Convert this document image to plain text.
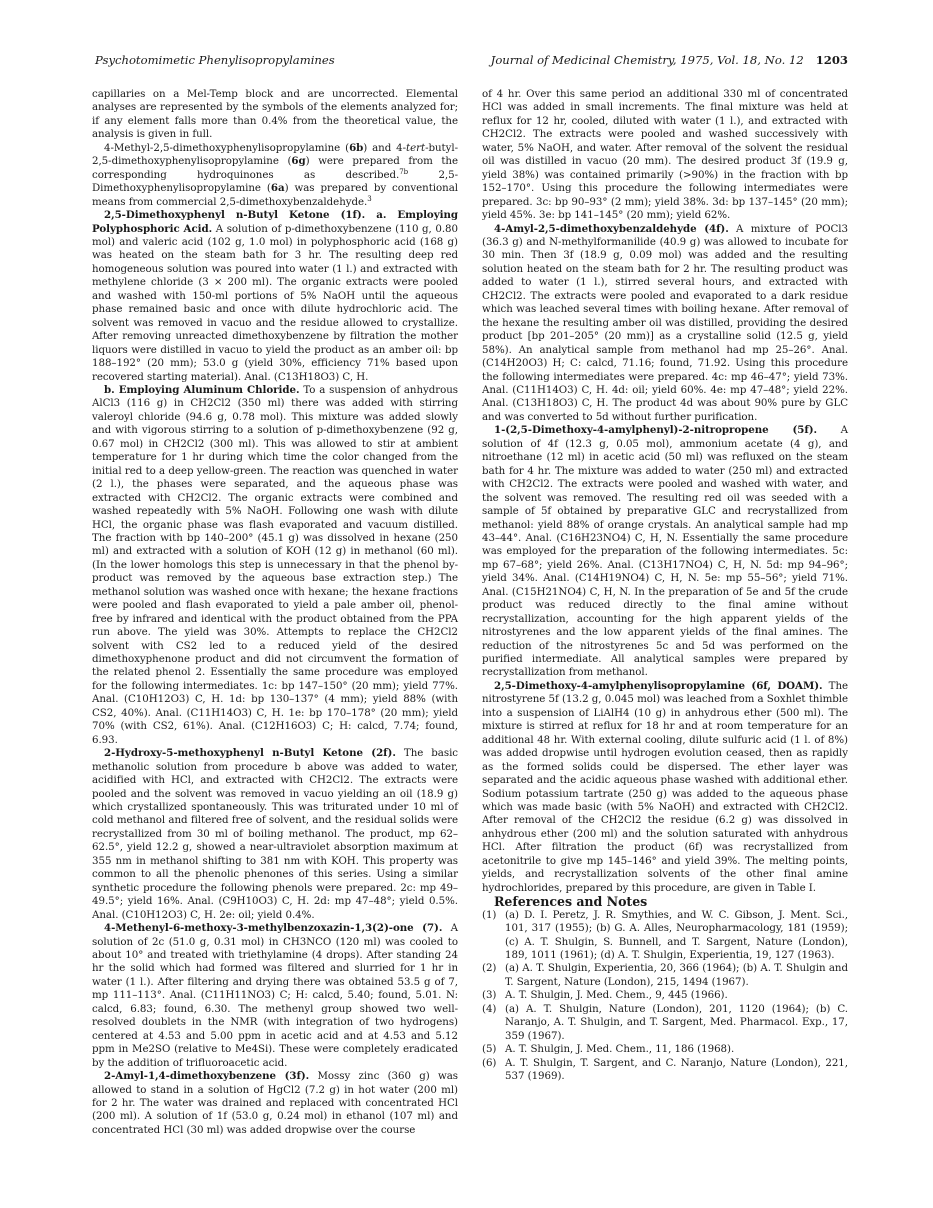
Psychotomimetic Phenylisopropylamines	Journal of Medicinal Chemistry, 1975, Vol. 18, No. 12 1203

capillaries on a Mel-Temp block and are uncorrected. Elemental analyses are represented by the symbols of the elements analyzed for; if any element falls more than 0.4% from the theoretical value, the analysis is given in full.

4-Methyl-2,5-dimethoxyphenylisopropylamine (6b) and 4-tert-butyl-2,5-dimethoxyphenylisopropylamine (6g) were prepared from the corresponding hydroquinones as described.$^{7b}$ 2,5-Dimethoxyphenylisopropylamine (6a) was prepared by conventional means from commercial 2,5-dimethoxybenzaldehyde.$^3$

2,5-Dimethoxyphenyl n-Butyl Ketone (1f). a. Employing Polyphosphoric Acid. A solution of p-dimethoxybenzene (110 g, 0.80 mol) and valeric acid (102 g, 1.0 mol) in polyphosphoric acid (168 g) was heated on the steam bath for 3 hr. The resulting deep red homogeneous solution was poured into water (1 l.) and extracted with methylene chloride (3 × 200 ml). The organic extracts were pooled and washed with 150-ml portions of 5% NaOH until the aqueous phase remained basic and once with dilute hydrochloric acid. The solvent was removed in vacuo and the residue allowed to crystallize. After removing unreacted dimethoxybenzene by filtration the mother liquors were distilled in vacuo to yield the product as an amber oil: bp 188–192° (20 mm); 53.0 g (yield 30%, efficiency 71% based upon recovered starting material). Anal. (C13H18O3) C, H.

b. Employing Aluminum Chloride. To a suspension of anhydrous AlCl3 (116 g) in CH2Cl2 (350 ml) there was added with stirring valeroyl chloride (94.6 g, 0.78 mol). This mixture was added slowly and with vigorous stirring to a solution of p-dimethoxybenzene (92 g, 0.67 mol) in CH2Cl2 (300 ml). This was allowed to stir at ambient temperature for 1 hr during which time the color changed from the initial red to a deep yellow-green. The reaction was quenched in water (2 l.), the phases were separated, and the aqueous phase was extracted with CH2Cl2. The organic extracts were combined and washed repeatedly with 5% NaOH. Following one wash with dilute HCl, the organic phase was flash evaporated and vacuum distilled. The fraction with bp 140–200° (45.1 g) was dissolved in hexane (250 ml) and extracted with a solution of KOH (12 g) in methanol (60 ml). (In the lower homologs this step is unnecessary in that the phenol by-product was removed by the aqueous base extraction step.) The methanol solution was washed once with hexane; the hexane fractions were pooled and flash evaporated to yield a pale amber oil, phenol-free by infrared and identical with the product obtained from the PPA run above. The yield was 30%. Attempts to replace the CH2Cl2 solvent with CS2 led to a reduced yield of the desired dimethoxyphenone product and did not circumvent the formation of the related phenol 2. Essentially the same procedure was employed for the following intermediates. 1c: bp 147–150° (20 mm); yield 77%. Anal. (C10H12O3) C, H. 1d: bp 130–137° (4 mm); yield 88% (with CS2, 40%). Anal. (C11H14O3) C, H. 1e: bp 170–178° (20 mm); yield 70% (with CS2, 61%). Anal. (C12H16O3) C; H: calcd, 7.74; found, 6.93.

2-Hydroxy-5-methoxyphenyl n-Butyl Ketone (2f). The basic methanolic solution from procedure b above was added to water, acidified with HCl, and extracted with CH2Cl2. The extracts were pooled and the solvent was removed in vacuo yielding an oil (18.9 g) which crystallized spontaneously. This was triturated under 10 ml of cold methanol and filtered free of solvent, and the residual solids were recrystallized from 30 ml of boiling methanol. The product, mp 62–62.5°, yield 12.2 g, showed a near-ultraviolet absorption maximum at 355 nm in methanol shifting to 381 nm with KOH. This property was common to all the phenolic phenones of this series. Using a similar synthetic procedure the following phenols were prepared. 2c: mp 49–49.5°; yield 16%. Anal. (C9H10O3) C, H. 2d: mp 47–48°; yield 0.5%. Anal. (C10H12O3) C, H. 2e: oil; yield 0.4%.

4-Methenyl-6-methoxy-3-methylbenzoxazin-1,3(2)-one (7). A solution of 2c (51.0 g, 0.31 mol) in CH3NCO (120 ml) was cooled to about 10° and treated with triethylamine (4 drops). After standing 24 hr the solid which had formed was filtered and slurried for 1 hr in water (1 l.). After filtering and drying there was obtained 53.5 g of 7, mp 111–113°. Anal. (C11H11NO3) C; H: calcd, 5.40; found, 5.01. N: calcd, 6.83; found, 6.30. The methenyl group showed two well-resolved doublets in the NMR (with integration of two hydrogens) centered at 4.53 and 5.00 ppm in acetic acid and at 4.53 and 5.12 ppm in Me2SO (relative to Me4Si). These were completely eradicated by the addition of trifluoroacetic acid.

2-Amyl-1,4-dimethoxybenzene (3f). Mossy zinc (360 g) was allowed to stand in a solution of HgCl2 (7.2 g) in hot water (200 ml) for 2 hr. The water was drained and replaced with concentrated HCl (200 ml). A solution of 1f (53.0 g, 0.24 mol) in ethanol (107 ml) and concentrated HCl (30 ml) was added dropwise over the course

of 4 hr. Over this same period an additional 330 ml of concentrated HCl was added in small increments. The final mixture was held at reflux for 12 hr, cooled, diluted with water (1 l.), and extracted with CH2Cl2. The extracts were pooled and washed successively with water, 5% NaOH, and water. After removal of the solvent the residual oil was distilled in vacuo (20 mm). The desired product 3f (19.9 g, yield 38%) was contained primarily (>90%) in the fraction with bp 152–170°. Using this procedure the following intermediates were prepared. 3c: bp 90–93° (2 mm); yield 38%. 3d: bp 137–145° (20 mm); yield 45%. 3e: bp 141–145° (20 mm); yield 62%.

4-Amyl-2,5-dimethoxybenzaldehyde (4f). A mixture of POCl3 (36.3 g) and N-methylformanilide (40.9 g) was allowed to incubate for 30 min. Then 3f (18.9 g, 0.09 mol) was added and the resulting solution heated on the steam bath for 2 hr. The resulting product was added to water (1 l.), stirred several hours, and extracted with CH2Cl2. The extracts were pooled and evaporated to a dark residue which was leached several times with boiling hexane. After removal of the hexane the resulting amber oil was distilled, providing the desired product [bp 201–205° (20 mm)] as a crystalline solid (12.5 g, yield 58%). An analytical sample from methanol had mp 25–26°. Anal. (C14H20O3) H; C: calcd, 71.16; found, 71.92. Using this procedure the following intermediates were prepared. 4c: mp 46–47°; yield 73%. Anal. (C11H14O3) C, H. 4d: oil; yield 60%. 4e: mp 47–48°; yield 22%. Anal. (C13H18O3) C, H. The product 4d was about 90% pure by GLC and was converted to 5d without further purification.

1-(2,5-Dimethoxy-4-amylphenyl)-2-nitropropene (5f). A solution of 4f (12.3 g, 0.05 mol), ammonium acetate (4 g), and nitroethane (12 ml) in acetic acid (50 ml) was refluxed on the steam bath for 4 hr. The mixture was added to water (250 ml) and extracted with CH2Cl2. The extracts were pooled and washed with water, and the solvent was removed. The resulting red oil was seeded with a sample of 5f obtained by preparative GLC and recrystallized from methanol: yield 88% of orange crystals. An analytical sample had mp 43–44°. Anal. (C16H23NO4) C, H, N. Essentially the same procedure was employed for the preparation of the following intermediates. 5c: mp 67–68°; yield 26%. Anal. (C13H17NO4) C, H, N. 5d: mp 94–96°; yield 34%. Anal. (C14H19NO4) C, H, N. 5e: mp 55–56°; yield 71%. Anal. (C15H21NO4) C, H, N. In the preparation of 5e and 5f the crude product was reduced directly to the final amine without recrystallization, accounting for the high apparent yields of the nitrostyrenes and the low apparent yields of the final amines. The reduction of the nitrostyrenes 5c and 5d was performed on the purified intermediate. All analytical samples were prepared by recrystallization from methanol.

2,5-Dimethoxy-4-amylphenylisopropylamine (6f, DOAM). The nitrostyrene 5f (13.2 g, 0.045 mol) was leached from a Soxhlet thimble into a suspension of LiAlH4 (10 g) in anhydrous ether (500 ml). The mixture is stirred at reflux for 18 hr and at room temperature for an additional 48 hr. With external cooling, dilute sulfuric acid (1 l. of 8%) was added dropwise until hydrogen evolution ceased, then as rapidly as the formed solids could be dispersed. The ether layer was separated and the acidic aqueous phase washed with additional ether. Sodium potassium tartrate (250 g) was added to the aqueous phase which was made basic (with 5% NaOH) and extracted with CH2Cl2. After removal of the CH2Cl2 the residue (6.2 g) was dissolved in anhydrous ether (200 ml) and the solution saturated with anhydrous HCl. After filtration the product (6f) was recrystallized from acetonitrile to give mp 145–146° and yield 39%. The melting points, yields, and recrystallization solvents of the other final amine hydrochlorides, prepared by this procedure, are given in Table I.

References and Notes

(1) (a) D. I. Peretz, J. R. Smythies, and W. C. Gibson, J. Ment. Sci., 101, 317 (1955); (b) G. A. Alles, Neuropharmacology, 181 (1959); (c) A. T. Shulgin, S. Bunnell, and T. Sargent, Nature (London), 189, 1011 (1961); (d) A. T. Shulgin, Experientia, 19, 127 (1963).

(2) (a) A. T. Shulgin, Experientia, 20, 366 (1964); (b) A. T. Shulgin and T. Sargent, Nature (London), 215, 1494 (1967).

(3) A. T. Shulgin, J. Med. Chem., 9, 445 (1966).

(4) (a) A. T. Shulgin, Nature (London), 201, 1120 (1964); (b) C. Naranjo, A. T. Shulgin, and T. Sargent, Med. Pharmacol. Exp., 17, 359 (1967).

(5) A. T. Shulgin, J. Med. Chem., 11, 186 (1968).

(6) A. T. Shulgin, T. Sargent, and C. Naranjo, Nature (London), 221, 537 (1969).
